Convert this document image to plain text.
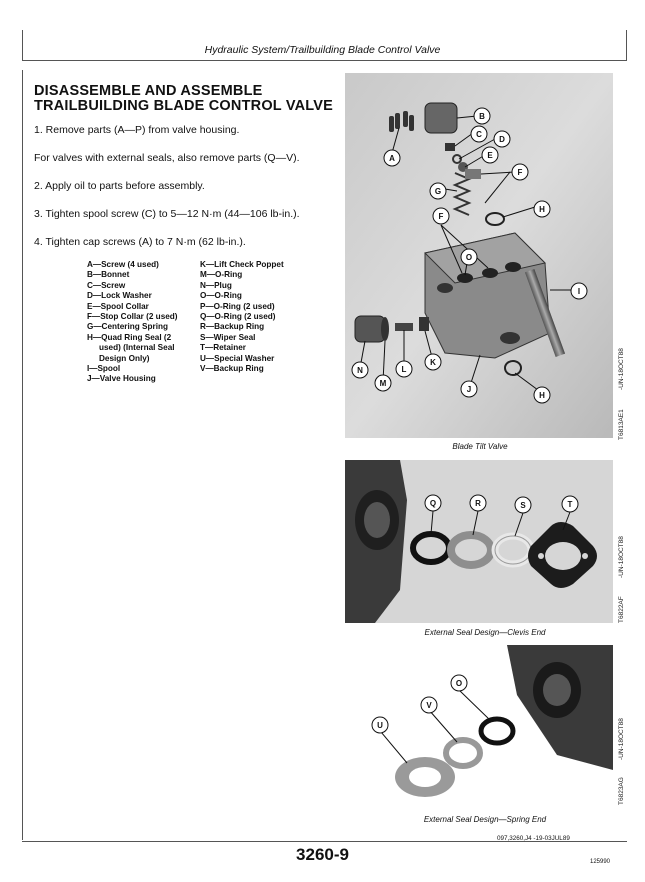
Hydraulic System/Trailbuilding Blade Control Valve
DISASSEMBLE AND ASSEMBLE
TRAILBUILDING BLADE CONTROL VALVE
1. Remove parts (A—P) from valve housing.
For valves with external seals, also remove parts (Q—V).
2. Apply oil to parts before assembly.
3. Tighten spool screw (C) to 5—12 N·m (44—106 lb-in.).
4. Tighten cap screws (A) to 7 N·m (62 lb-in.).
A—Screw (4 used)
B—Bonnet
C—Screw
D—Lock Washer
E—Spool Collar
F—Stop Collar (2 used)
G—Centering Spring
H—Quad Ring Seal (2
used) (Internal Seal
Design Only)
I—Spool
J—Valve Housing
K—Lift Check Poppet
M—O-Ring
N—Plug
O—O-Ring
P—O-Ring (2 used)
Q—O-Ring (2 used)
R—Backup Ring
S—Wiper Seal
T—Retainer
U—Special Washer
V—Backup Ring
A
B
C
D
E
F
G
H
F
O
I
N
M
L
K
J
H
Blade Tilt Valve
T6813AE1
-UN-18OCT88
Q	R	S	T
External Seal Design—Clevis End
T6822AF
-UN-18OCT88
O
V
U
External Seal Design—Spring End
T6823AG
-UN-18OCT88
097,3260,J4 -19-03JUL89
3260-9	125990
